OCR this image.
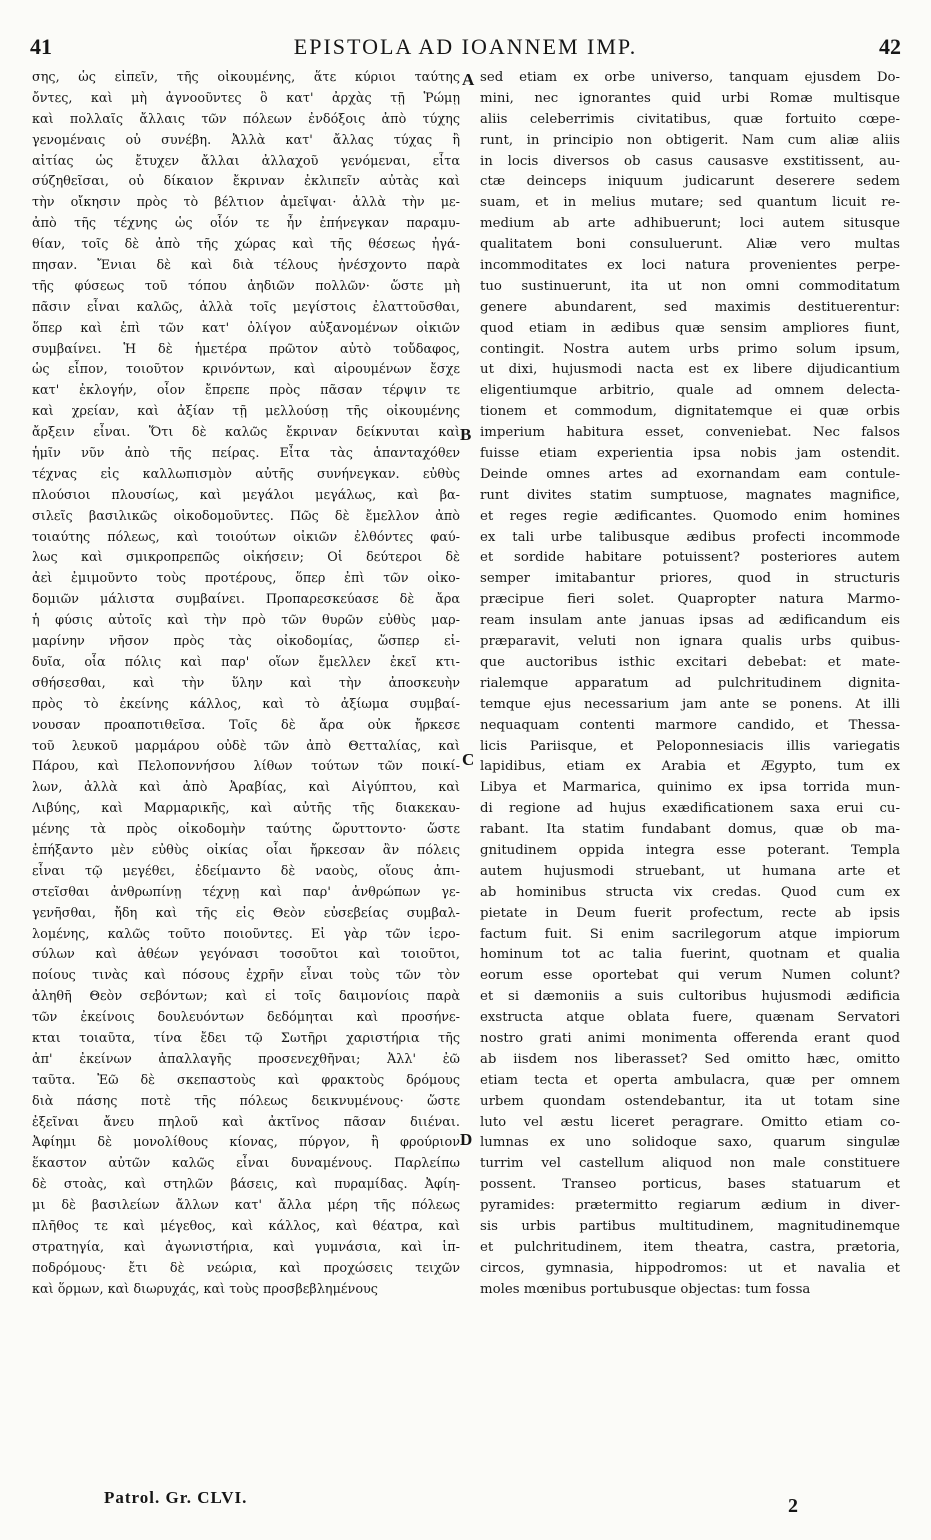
41	EPISTOLA AD IOANNEM IMP.	42
σης, ὡς εἰπεῖν, τῆς οἰκουμένης, ἅτε κύριοι ταύτης
ὄντες, καὶ μὴ ἀγνοοῦντες ὃ κατ' ἀρχὰς τῇ Ῥώμῃ
καὶ πολλαῖς ἄλλαις τῶν πόλεων ἐνδόξοις ἀπὸ τύχης
γενομέναις οὐ συνέβη. Ἀλλὰ κατ' ἄλλας τύχας ἢ
αἰτίας ὡς ἔτυχεν ἄλλαι ἀλλαχοῦ γενόμεναι, εἶτα
σύζηθεῖσαι, οὐ δίκαιον ἔκριναν ἐκλιπεῖν αὐτὰς καὶ
τὴν οἴκησιν πρὸς τὸ βέλτιον ἀμεῖψαι· ἀλλὰ τὴν με-
ἀπὸ τῆς τέχνης ὡς οἷόν τε ἦν ἐπήνεγκαν παραμυ-
θίαν, τοῖς δὲ ἀπὸ τῆς χώρας καὶ τῆς θέσεως ἠγά-
πησαν. Ἔνιαι δὲ καὶ διὰ τέλους ἠνέσχοντο παρὰ
τῆς φύσεως τοῦ τόπου ἀηδιῶν πολλῶν· ὥστε μὴ
πᾶσιν εἶναι καλῶς, ἀλλὰ τοῖς μεγίστοις ἐλαττοῦσθαι,
ὅπερ καὶ ἐπὶ τῶν κατ' ὀλίγον αὐξανομένων οἰκιῶν
συμβαίνει. Ἡ δὲ ἡμετέρα πρῶτον αὐτὸ τοὔδαφος,
ὡς εἶπον, τοιοῦτον κρινόντων, καὶ αἱρουμένων ἔσχε
κατ' ἐκλογήν, οἷον ἔπρεπε πρὸς πᾶσαν τέρψιν τε
καὶ χρείαν, καὶ ἀξίαν τῇ μελλούσῃ τῆς οἰκουμένης
ἄρξειν εἶναι. Ὅτι δὲ καλῶς ἔκριναν δείκνυται καὶ
ἡμῖν νῦν ἀπὸ τῆς πείρας. Εἶτα τὰς ἁπανταχόθεν
τέχνας εἰς καλλωπισμὸν αὐτῆς συνήνεγκαν. εὐθὺς
πλούσιοι πλουσίως, καὶ μεγάλοι μεγάλως, καὶ βα-
σιλεῖς βασιλικῶς οἰκοδομοῦντες. Πῶς δὲ ἔμελλον ἀπὸ
τοιαύτης πόλεως, καὶ τοιούτων οἰκιῶν ἐλθόντες φαύ-
λως καὶ σμικροπρεπῶς οἰκήσειν; Οἱ δεύτεροι δὲ
ἀεὶ ἐμιμοῦντο τοὺς προτέρους, ὅπερ ἐπὶ τῶν οἰκο-
δομιῶν μάλιστα συμβαίνει. Προπαρεσκεύασε δὲ ἄρα
ἡ φύσις αὐτοῖς καὶ τὴν πρὸ τῶν θυρῶν εὐθὺς μαρ-
μαρίνην νῆσον πρὸς τὰς οἰκοδομίας, ὥσπερ εἰ-
δυῖα, οἷα πόλις καὶ παρ' οἵων ἔμελλεν ἐκεῖ κτι-
σθήσεσθαι, καὶ τὴν ὕλην καὶ τὴν ἀποσκευὴν
πρὸς τὸ ἐκείνης κάλλος, καὶ τὸ ἀξίωμα συμβαί-
νουσαν προαποτιθεῖσα. Τοῖς δὲ ἄρα οὐκ ἤρκεσε
τοῦ λευκοῦ μαρμάρου οὐδὲ τῶν ἀπὸ Θετταλίας, καὶ
Πάρου, καὶ Πελοποννήσου λίθων τούτων τῶν ποικί-
λων, ἀλλὰ καὶ ἀπὸ Ἀραβίας, καὶ Αἰγύπτου, καὶ
Λιβύης, καὶ Μαρμαρικῆς, καὶ αὐτῆς τῆς διακεκαυ-
μένης τὰ πρὸς οἰκοδομὴν ταύτης ὤρυττοντο· ὥστε
ἐπήξαντο μὲν εὐθὺς οἰκίας οἷαι ἤρκεσαν ἂν πόλεις
εἶναι τῷ μεγέθει, ἐδείμαντο δὲ ναοὺς, οἵους ἀπι-
στεῖσθαι ἀνθρωπίνῃ τέχνῃ καὶ παρ' ἀνθρώπων γε-
γενῆσθαι, ἤδη καὶ τῆς εἰς Θεὸν εὐσεβείας συμβαλ-
λομένης, καλῶς τοῦτο ποιοῦντες. Εἰ γὰρ τῶν ἱερο-
σύλων καὶ ἀθέων γεγόνασι τοσοῦτοι καὶ τοιοῦτοι,
ποίους τινὰς καὶ πόσους ἐχρῆν εἶναι τοὺς τῶν τὸν
ἀληθῆ Θεὸν σεβόντων; καὶ εἰ τοῖς δαιμονίοις παρὰ
τῶν ἐκείνοις δουλευόντων δεδόμηται καὶ προσήνε-
κται τοιαῦτα, τίνα ἔδει τῷ Σωτῆρι χαριστήρια τῆς
ἀπ' ἐκείνων ἀπαλλαγῆς προσενεχθῆναι; Ἀλλ' ἐῶ
ταῦτα. Ἐῶ δὲ σκεπαστοὺς καὶ φρακτοὺς δρόμους
διὰ πάσης ποτὲ τῆς πόλεως δεικνυμένους· ὥστε
ἐξεῖναι ἄνευ πηλοῦ καὶ ἀκτῖνος πᾶσαν διιέναι.
Ἀφίημι δὲ μονολίθους κίονας, πύργον, ἢ φρούριον
ἕκαστον αὐτῶν καλῶς εἶναι δυναμένους. Παρλείπω
δὲ στοὰς, καὶ στηλῶν βάσεις, καὶ πυραμίδας. Ἀφίη-
μι δὲ βασιλείων ἄλλων κατ' ἄλλα μέρη τῆς πόλεως
πλῆθος τε καὶ μέγεθος, καὶ κάλλος, καὶ θέατρα, καὶ
στρατηγία, καὶ ἀγωνιστήρια, καὶ γυμνάσια, καὶ ἱπ-
ποδρόμους· ἔτι δὲ νεώρια, καὶ προχώσεις τειχῶν
καὶ ὅρμων, καὶ διωρυχάς, καὶ τοὺς προσβεβλημένους
sed etiam ex orbe universo, tanquam ejusdem Do-
mini, nec ignorantes quid urbi Romæ multisque
aliis celeberrimis civitatibus, quæ fortuito cœpe-
runt, in principio non obtigerit. Nam cum aliæ aliis
in locis diversos ob casus causasve exstitissent, au-
ctæ deinceps iniquum judicarunt deserere sedem
suam, et in melius mutare; sed quantum licuit re-
medium ab arte adhibuerunt; loci autem situsque
qualitatem boni consuluerunt. Aliæ vero multas
incommoditates ex loci natura provenientes perpe-
tuo sustinuerunt, ita ut non omni commoditatum
genere abundarent, sed maximis destituerentur:
quod etiam in ædibus quæ sensim ampliores fiunt,
contingit. Nostra autem urbs primo solum ipsum,
ut dixi, hujusmodi nacta est ex libere dijudicantium
eligentiumque arbitrio, quale ad omnem delecta-
tionem et commodum, dignitatemque ei quæ orbis
imperium habitura esset, conveniebat. Nec falsos
fuisse etiam experientia ipsa nobis jam ostendit.
Deinde omnes artes ad exornandam eam contule-
runt divites statim sumptuose, magnates magnifice,
et reges regie ædificantes. Quomodo enim homines
ex tali urbe talibusque ædibus profecti incommode
et sordide habitare potuissent? posteriores autem
semper imitabantur priores, quod in structuris
præcipue fieri solet. Quapropter natura Marmo-
ream insulam ante januas ipsas ad ædificandum eis
præparavit, veluti non ignara qualis urbs quibus-
que auctoribus isthic excitari debebat: et mate-
rialemque apparatum ad pulchritudinem dignita-
temque ejus necessarium jam ante se ponens. At illi
nequaquam contenti marmore candido, et Thessa-
licis Pariisque, et Peloponnesiacis illis variegatis
lapidibus, etiam ex Arabia et Ægypto, tum ex
Libya et Marmarica, quinimo ex ipsa torrida mun-
di regione ad hujus exædificationem saxa erui cu-
rabant. Ita statim fundabant domus, quæ ob ma-
gnitudinem oppida integra esse poterant. Templa
autem hujusmodi struebant, ut humana arte et
ab hominibus structa vix credas. Quod cum ex
pietate in Deum fuerit profectum, recte ab ipsis
factum fuit. Si enim sacrilegorum atque impiorum
hominum tot ac talia fuerint, quotnam et qualia
eorum esse oportebat qui verum Numen colunt?
et si dæmoniis a suis cultoribus hujusmodi ædificia
exstructa atque oblata fuere, quænam Servatori
nostro grati animi monimenta offerenda erant quod
ab iisdem nos liberasset? Sed omitto hæc, omitto
etiam tecta et operta ambulacra, quæ per omnem
urbem quondam ostendebantur, ita ut totam sine
luto vel æstu liceret peragrare. Omitto etiam co-
lumnas ex uno solidoque saxo, quarum singulæ
turrim vel castellum aliquod non male constituere
possent. Transeo porticus, bases statuarum et
pyramides: prætermitto regiarum ædium in diver-
sis urbis partibus multitudinem, magnitudinemque
et pulchritudinem, item theatra, castra, prætoria,
circos, gymnasia, hippodromos: ut et navalia et
moles mœnibus portubusque objectas: tum fossa
A
B
C
D
Patrol. Gr. CLVI.	2
